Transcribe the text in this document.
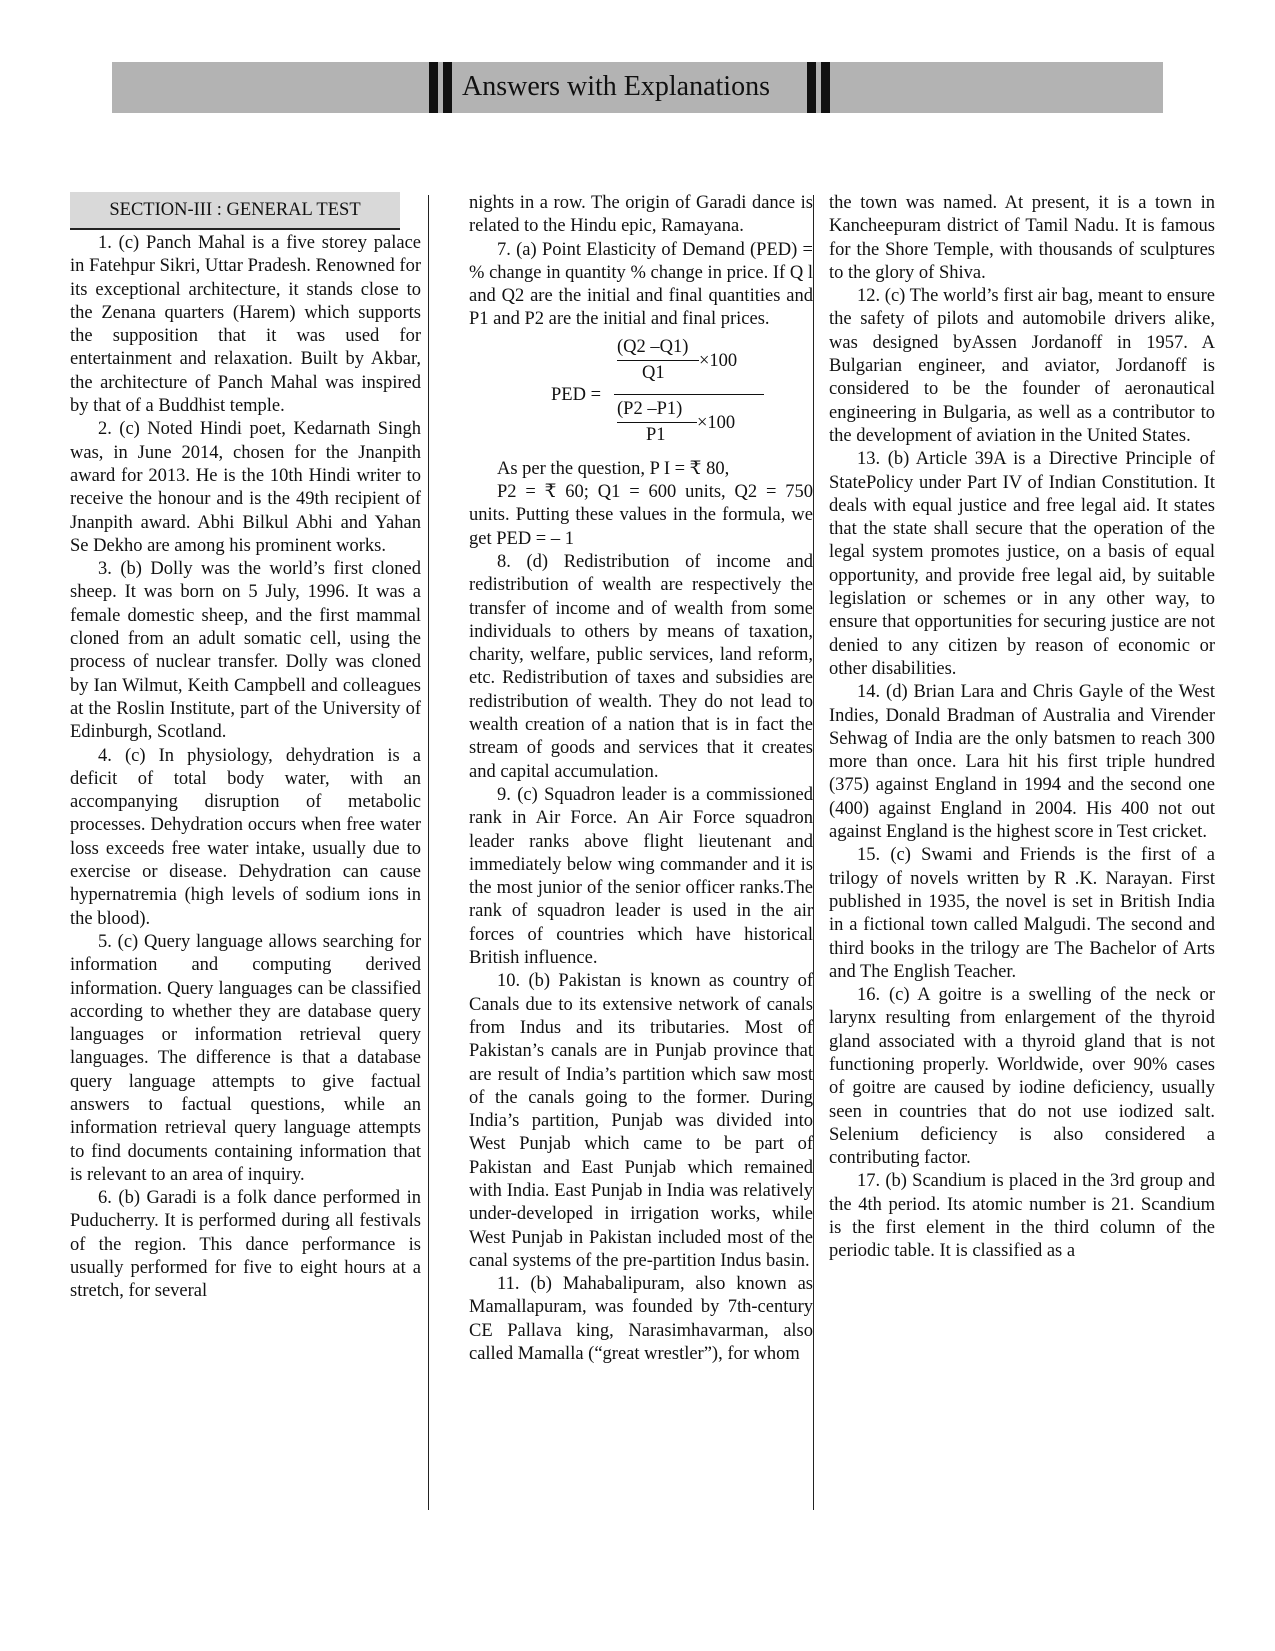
Answers with Explanations
SECTION-III : GENERAL TEST

1. (c) Panch Mahal is a five storey palace in Fatehpur Sikri, Uttar Pradesh. Renowned for its exceptional architecture, it stands close to the Zenana quarters (Harem) which supports the supposition that it was used for entertainment and relaxation. Built by Akbar, the architecture of Panch Mahal was inspired by that of a Buddhist temple.

2. (c) Noted Hindi poet, Kedarnath Singh was, in June 2014, chosen for the Jnanpith award for 2013. He is the 10th Hindi writer to receive the honour and is the 49th recipient of Jnanpith award. Abhi Bilkul Abhi and Yahan Se Dekho are among his prominent works.

3. (b) Dolly was the world’s first cloned sheep. It was born on 5 July, 1996. It was a female domestic sheep, and the first mammal cloned from an adult somatic cell, using the process of nuclear transfer. Dolly was cloned by Ian Wilmut, Keith Campbell and colleagues at the Roslin Institute, part of the University of Edinburgh, Scotland.

4. (c) In physiology, dehydration is a deficit of total body water, with an accompanying disruption of metabolic processes. Dehydration occurs when free water loss exceeds free water intake, usually due to exercise or disease. Dehydration can cause hypernatremia (high levels of sodium ions in the blood).

5. (c) Query language allows searching for information and computing derived information. Query languages can be classified according to whether they are database query languages or information retrieval query languages. The difference is that a database query language attempts to give factual answers to factual questions, while an information retrieval query language attempts to find documents containing information that is relevant to an area of inquiry.

6. (b) Garadi is a folk dance performed in Puducherry. It is performed during all festivals of the region. This dance performance is usually performed for five to eight hours at a stretch, for several

nights in a row. The origin of Garadi dance is related to the Hindu epic, Ramayana.

7. (a) Point Elasticity of Demand (PED) = % change in quantity % change in price. If Q l and Q2 are the initial and final quantities and P1 and P2 are the initial and final prices.

PED =
(Q2 –Q1)
Q1
×100
(P2 –P1)
P1
×100

As per the question, P I = ₹ 80,

P2 = ₹ 60; Q1 = 600 units, Q2 = 750 units. Putting these values in the formula, we get PED = – 1

8. (d) Redistribution of income and redistribution of wealth are respectively the transfer of income and of wealth from some individuals to others by means of taxation, charity, welfare, public services, land reform, etc. Redistribution of taxes and subsidies are redistribution of wealth. They do not lead to wealth creation of a nation that is in fact the stream of goods and services that it creates and capital accumulation.

9. (c) Squadron leader is a commissioned rank in Air Force. An Air Force squadron leader ranks above flight lieutenant and immediately below wing commander and it is the most junior of the senior officer ranks.The rank of squadron leader is used in the air forces of countries which have historical British influence.

10. (b) Pakistan is known as country of Canals due to its extensive network of canals from Indus and its tributaries. Most of Pakistan’s canals are in Punjab province that are result of India’s partition which saw most of the canals going to the former. During India’s partition, Punjab was divided into West Punjab which came to be part of Pakistan and East Punjab which remained with India. East Punjab in India was relatively under-developed in irrigation works, while West Punjab in Pakistan included most of the canal systems of the pre-partition Indus basin.

11. (b) Mahabalipuram, also known as Mamallapuram, was founded by 7th-century CE Pallava king, Narasimhavarman, also called Mamalla (“great wrestler”), for whom

the town was named. At present, it is a town in Kancheepuram district of Tamil Nadu. It is famous for the Shore Temple, with thousands of sculptures to the glory of Shiva.

12. (c) The world’s first air bag, meant to ensure the safety of pilots and automobile drivers alike, was designed byAssen Jordanoff in 1957. A Bulgarian engineer, and aviator, Jordanoff is considered to be the founder of aeronautical engineering in Bulgaria, as well as a contributor to the development of aviation in the United States.

13. (b) Article 39A is a Directive Principle of StatePolicy under Part IV of Indian Constitution. It deals with equal justice and free legal aid. It states that the state shall secure that the operation of the legal system promotes justice, on a basis of equal opportunity, and provide free legal aid, by suitable legislation or schemes or in any other way, to ensure that opportunities for securing justice are not denied to any citizen by reason of economic or other disabilities.

14. (d) Brian Lara and Chris Gayle of the West Indies, Donald Bradman of Australia and Virender Sehwag of India are the only batsmen to reach 300 more than once. Lara hit his first triple hundred (375) against England in 1994 and the second one (400) against England in 2004. His 400 not out against England is the highest score in Test cricket.

15. (c) Swami and Friends is the first of a trilogy of novels written by R .K. Narayan. First published in 1935, the novel is set in British India in a fictional town called Malgudi. The second and third books in the trilogy are The Bachelor of Arts and The English Teacher.

16. (c) A goitre is a swelling of the neck or larynx resulting from enlargement of the thyroid gland associated with a thyroid gland that is not functioning properly. Worldwide, over 90% cases of goitre are caused by iodine deficiency, usually seen in countries that do not use iodized salt. Selenium deficiency is also considered a contributing factor.

17. (b) Scandium is placed in the 3rd group and the 4th period. Its atomic number is 21. Scandium is the first element in the third column of the periodic table. It is classified as a
